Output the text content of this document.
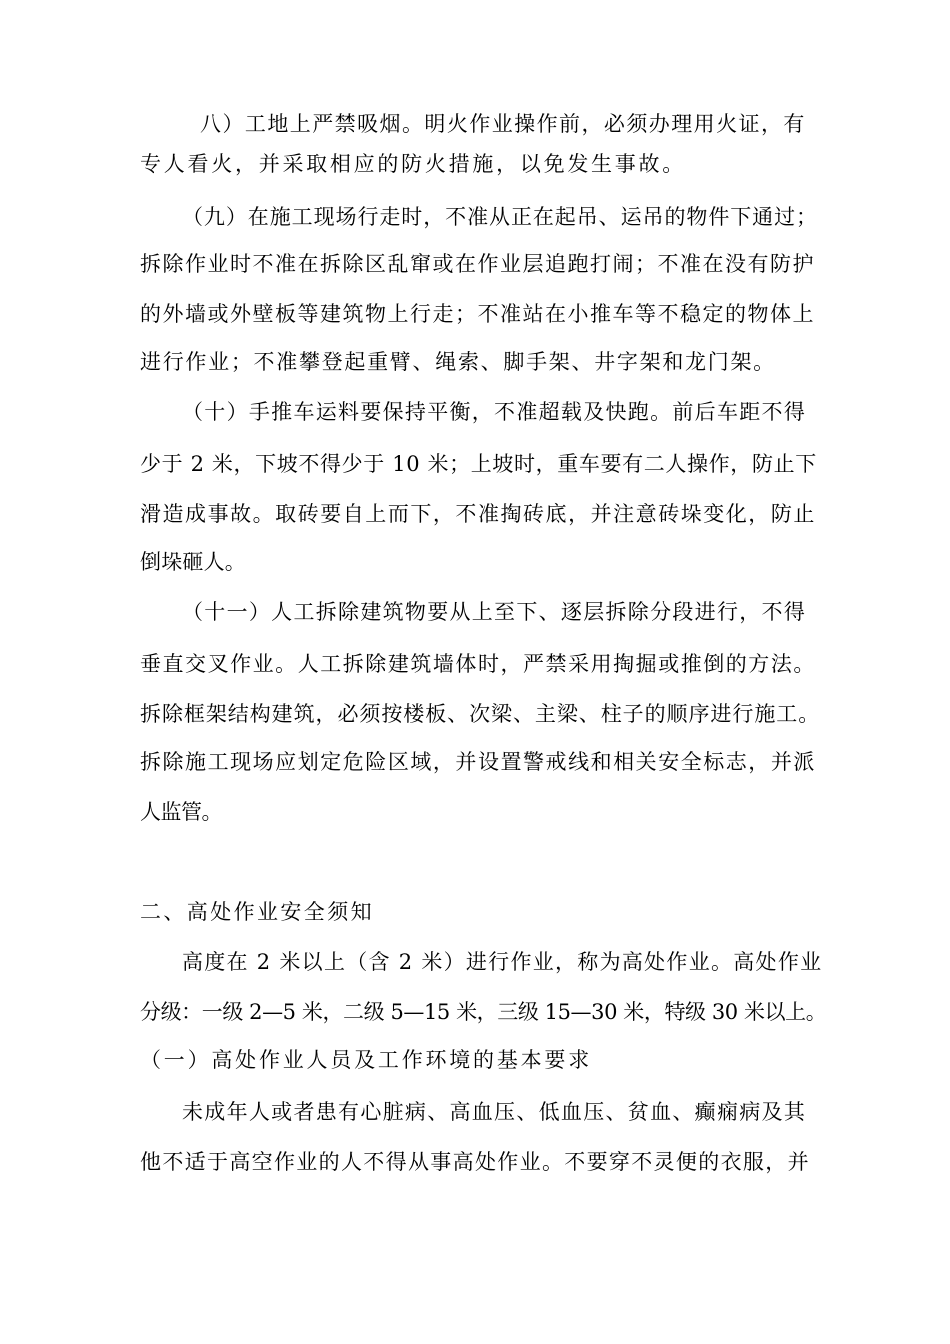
八）工地上严禁吸烟。明火作业操作前，必须办理用火证，有
专人看火，并采取相应的防火措施，以免发生事故。
（九）在施工现场行走时，不准从正在起吊、运吊的物件下通过；
拆除作业时不准在拆除区乱窜或在作业层追跑打闹；不准在没有防护
的外墙或外壁板等建筑物上行走；不准站在小推车等不稳定的物体上
进行作业；不准攀登起重臂、绳索、脚手架、井字架和龙门架。
（十）手推车运料要保持平衡，不准超载及快跑。前后车距不得
少于 2 米，下坡不得少于 10 米；上坡时，重车要有二人操作，防止下
滑造成事故。取砖要自上而下，不准掏砖底，并注意砖垛变化，防止
倒垛砸人。
（十一）人工拆除建筑物要从上至下、逐层拆除分段进行，不得
垂直交叉作业。人工拆除建筑墙体时，严禁采用掏掘或推倒的方法。
拆除框架结构建筑，必须按楼板、次梁、主梁、柱子的顺序进行施工。
拆除施工现场应划定危险区域，并设置警戒线和相关安全标志，并派
人监管。
二、高处作业安全须知
高度在 2 米以上（含 2 米）进行作业，称为高处作业。高处作业
分级：一级 2—5 米，二级 5—15 米，三级 15—30 米，特级 30 米以上。
（一）高处作业人员及工作环境的基本要求
未成年人或者患有心脏病、高血压、低血压、贫血、癫痫病及其
他不适于高空作业的人不得从事高处作业。不要穿不灵便的衣服，并
